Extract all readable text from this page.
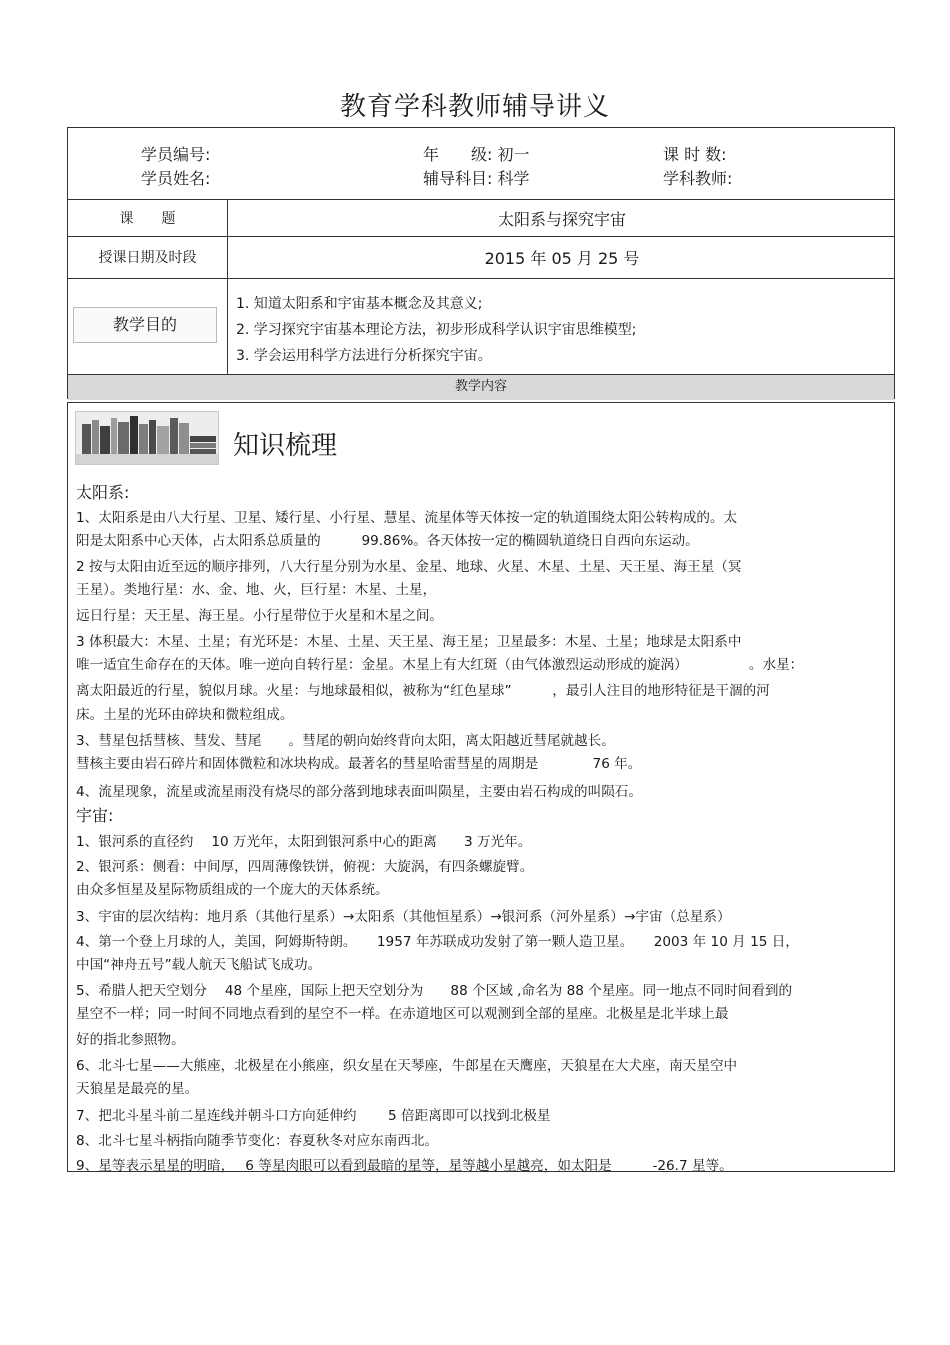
教育学科教师辅导讲义
学员编号:	年　　级: 初一	课 时 数:
学员姓名:	辅导科目: 科学	学科教师:
课　　题	太阳系与探究宇宙
授课日期及时段	2015 年 05 月 25 号
教学目的
1. 知道太阳系和宇宙基本概念及其意义;
2. 学习探究宇宙基本理论方法，初步形成科学认识宇宙思维模型;
3. 学会运用科学方法进行分析探究宇宙。
教学内容
知识梳理
太阳系:
1、太阳系是由八大行星、卫星、矮行星、小行星、慧星、流星体等天体按一定的轨道围绕太阳公转构成的。太
阳是太阳系中心天体，占太阳系总质量的　　　99.86%。各天体按一定的椭圆轨道绕日自西向东运动。
2 按与太阳由近至远的顺序排列，八大行星分别为水星、金星、地球、火星、木星、土星、天王星、海王星（冥
王星）。类地行星：水、金、地、火，巨行星：木星、土星，
远日行星：天王星、海王星。小行星带位于火星和木星之间。
3 体积最大：木星、土星；有光环是：木星、土星、天王星、海王星；卫星最多：木星、土星；地球是太阳系中
唯一适宜生命存在的天体。唯一逆向自转行星：金星。木星上有大红斑（由气体激烈运动形成的旋涡）　　　　　。水星：
离太阳最近的行星，貌似月球。火星：与地球最相似，被称为“红色星球”　　　，最引人注目的地形特征是干涸的河
床。土星的光环由碎块和微粒组成。
3、彗星包括彗核、彗发、彗尾　　。彗尾的朝向始终背向太阳，离太阳越近彗尾就越长。
彗核主要由岩石碎片和固体微粒和冰块构成。最著名的彗星哈雷彗星的周期是　　　　76 年。
4、流星现象，流星或流星雨没有烧尽的部分落到地球表面叫陨星，主要由岩石构成的叫陨石。
宇宙:
1、银河系的直径约　 10 万光年，太阳到银河系中心的距离　　3 万光年。
2、银河系：侧看：中间厚，四周薄像铁饼，俯视：大旋涡，有四条螺旋臂。
由众多恒星及星际物质组成的一个庞大的天体系统。
3、宇宙的层次结构：地月系（其他行星系）→太阳系（其他恒星系）→银河系（河外星系）→宇宙（总星系）
4、第一个登上月球的人，美国，阿姆斯特朗。　　1957 年苏联成功发射了第一颗人造卫星。　　2003 年 10 月 15 日，
中国“神舟五号”载人航天飞船试飞成功。
5、希腊人把天空划分　 48 个星座，国际上把天空划分为　　88 个区域 ,命名为 88 个星座。同一地点不同时间看到的
星空不一样；同一时间不同地点看到的星空不一样。在赤道地区可以观测到全部的星座。北极星是北半球上最
好的指北参照物。
6、北斗七星——大熊座，北极星在小熊座，织女星在天琴座，牛郎星在天鹰座，天狼星在大犬座，南天星空中
天狼星是最亮的星。
7、把北斗星斗前二星连线并朝斗口方向延伸约　　 5 倍距离即可以找到北极星
8、北斗七星斗柄指向随季节变化：春夏秋冬对应东南西北。
9、星等表示星星的明暗，　 6 等星肉眼可以看到最暗的星等，星等越小星越亮，如太阳是　　　-26.7 星等。
